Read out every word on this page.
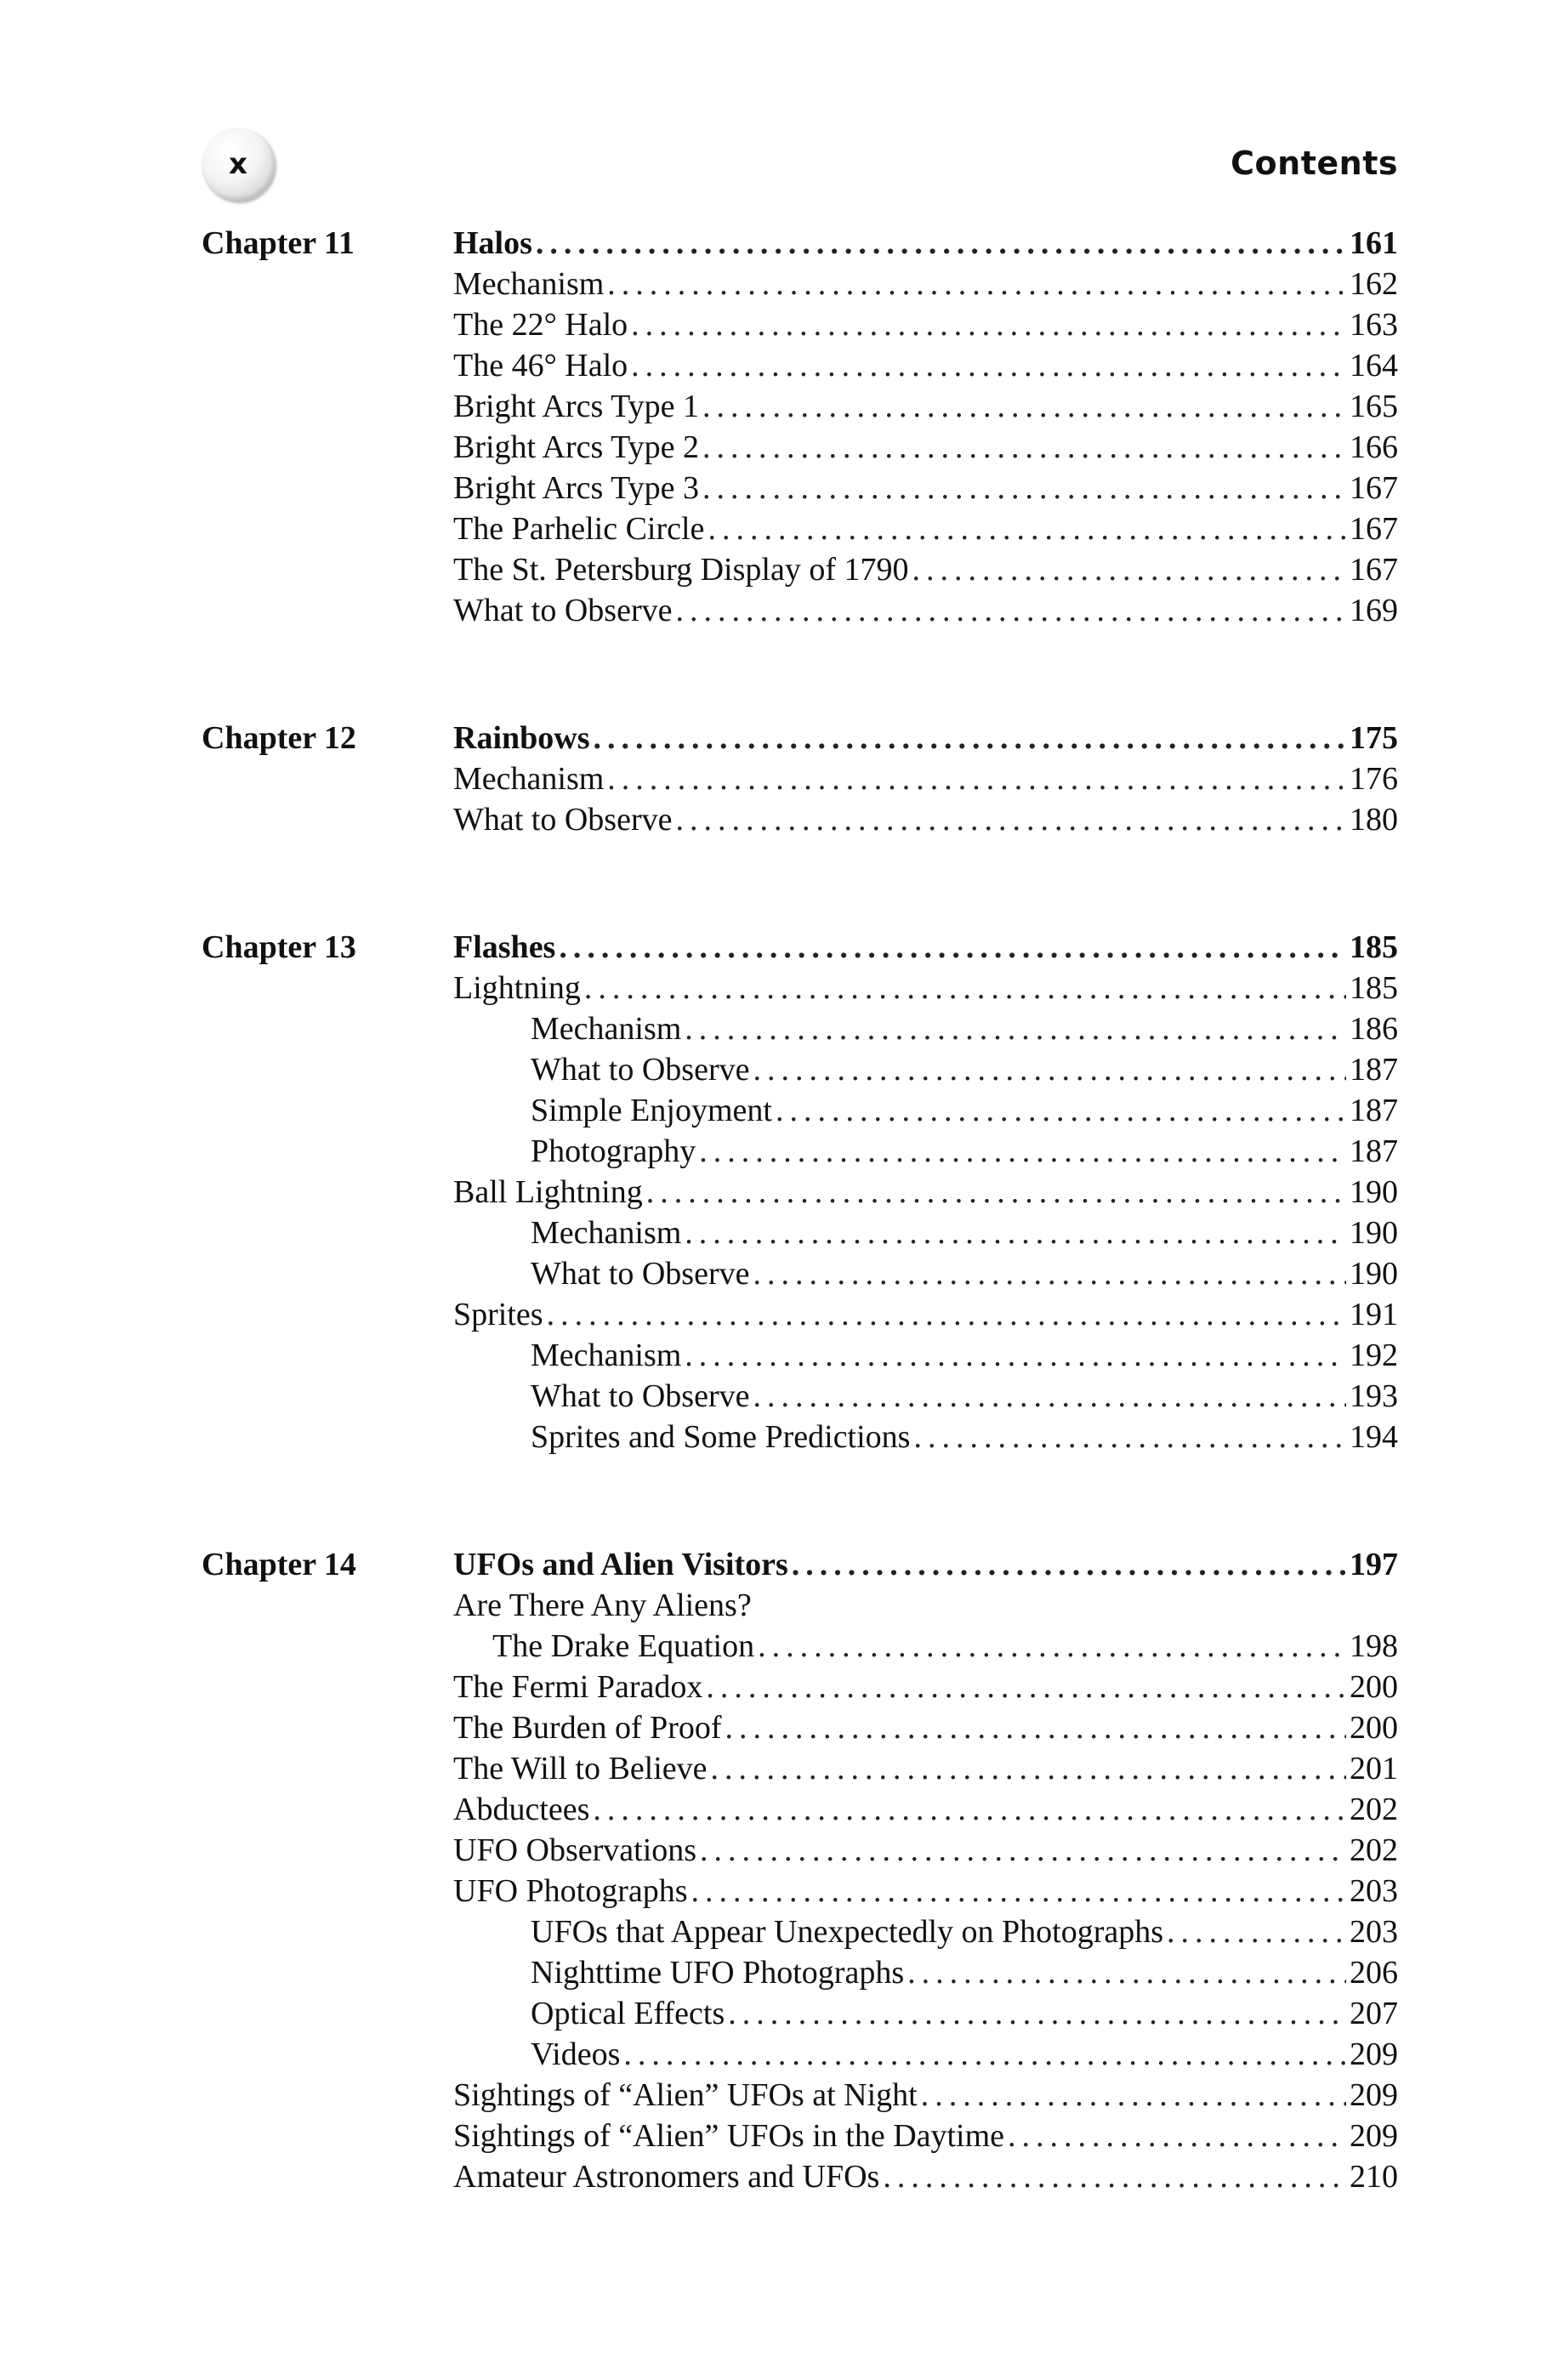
x	Contents
Chapter 11	Halos .....	161
Mechanism .....	162
The 22° Halo .....	163
The 46° Halo .....	164
Bright Arcs Type 1 .....	165
Bright Arcs Type 2 .....	166
Bright Arcs Type 3 .....	167
The Parhelic Circle .....	167
The St. Petersburg Display of 1790 .....	167
What to Observe .....	169
Chapter 12	Rainbows .....	175
Mechanism .....	176
What to Observe .....	180
Chapter 13	Flashes .....	185
Lightning .....	185
Mechanism .....	186
What to Observe .....	187
Simple Enjoyment .....	187
Photography .....	187
Ball Lightning .....	190
Mechanism .....	190
What to Observe .....	190
Sprites .....	191
Mechanism .....	192
What to Observe .....	193
Sprites and Some Predictions .....	194
Chapter 14	UFOs and Alien Visitors .....	197
Are There Any Aliens?
The Drake Equation .....	198
The Fermi Paradox .....	200
The Burden of Proof .....	200
The Will to Believe .....	201
Abductees .....	202
UFO Observations .....	202
UFO Photographs .....	203
UFOs that Appear Unexpectedly on Photographs .....	203
Nighttime UFO Photographs .....	206
Optical Effects .....	207
Videos .....	209
Sightings of “Alien” UFOs at Night .....	209
Sightings of “Alien” UFOs in the Daytime .....	209
Amateur Astronomers and UFOs .....	210
